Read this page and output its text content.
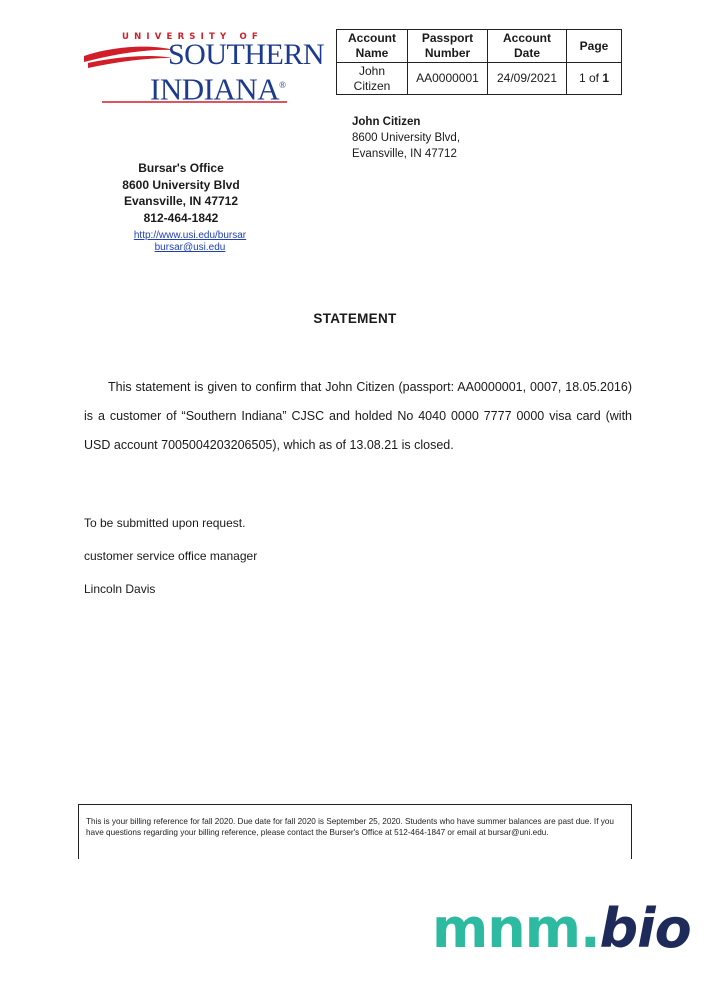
UNIVERSITY OF
SOUTHERN
INDIANA®
Account Name	Passport Number	Account Date	Page
John Citizen	AA0000001	24/09/2021	1 of 1
John Citizen
8600 University Blvd,
Evansville, IN 47712
Bursar's Office
8600 University Blvd
Evansville, IN 47712
812-464-1842
http://www.usi.edu/bursar
bursar@usi.edu
STATEMENT

This statement is given to confirm that John Citizen (passport: AA0000001, 0007, 18.05.2016) is a customer of “Southern Indiana” CJSC and holded No 4040 0000 7777 0000 visa card (with USD account 7005004203206505), which as of 13.08.21 is closed.

To be submitted upon request.
customer service office manager
Lincoln Davis
This is your billing reference for fall 2020. Due date for fall 2020 is September 25, 2020. Students who have summer balances are past due. If you have questions regarding your billing reference, please contact the Burser's Office at 512-464-1847 or email at bursar@uni.edu.
mnm.bio
